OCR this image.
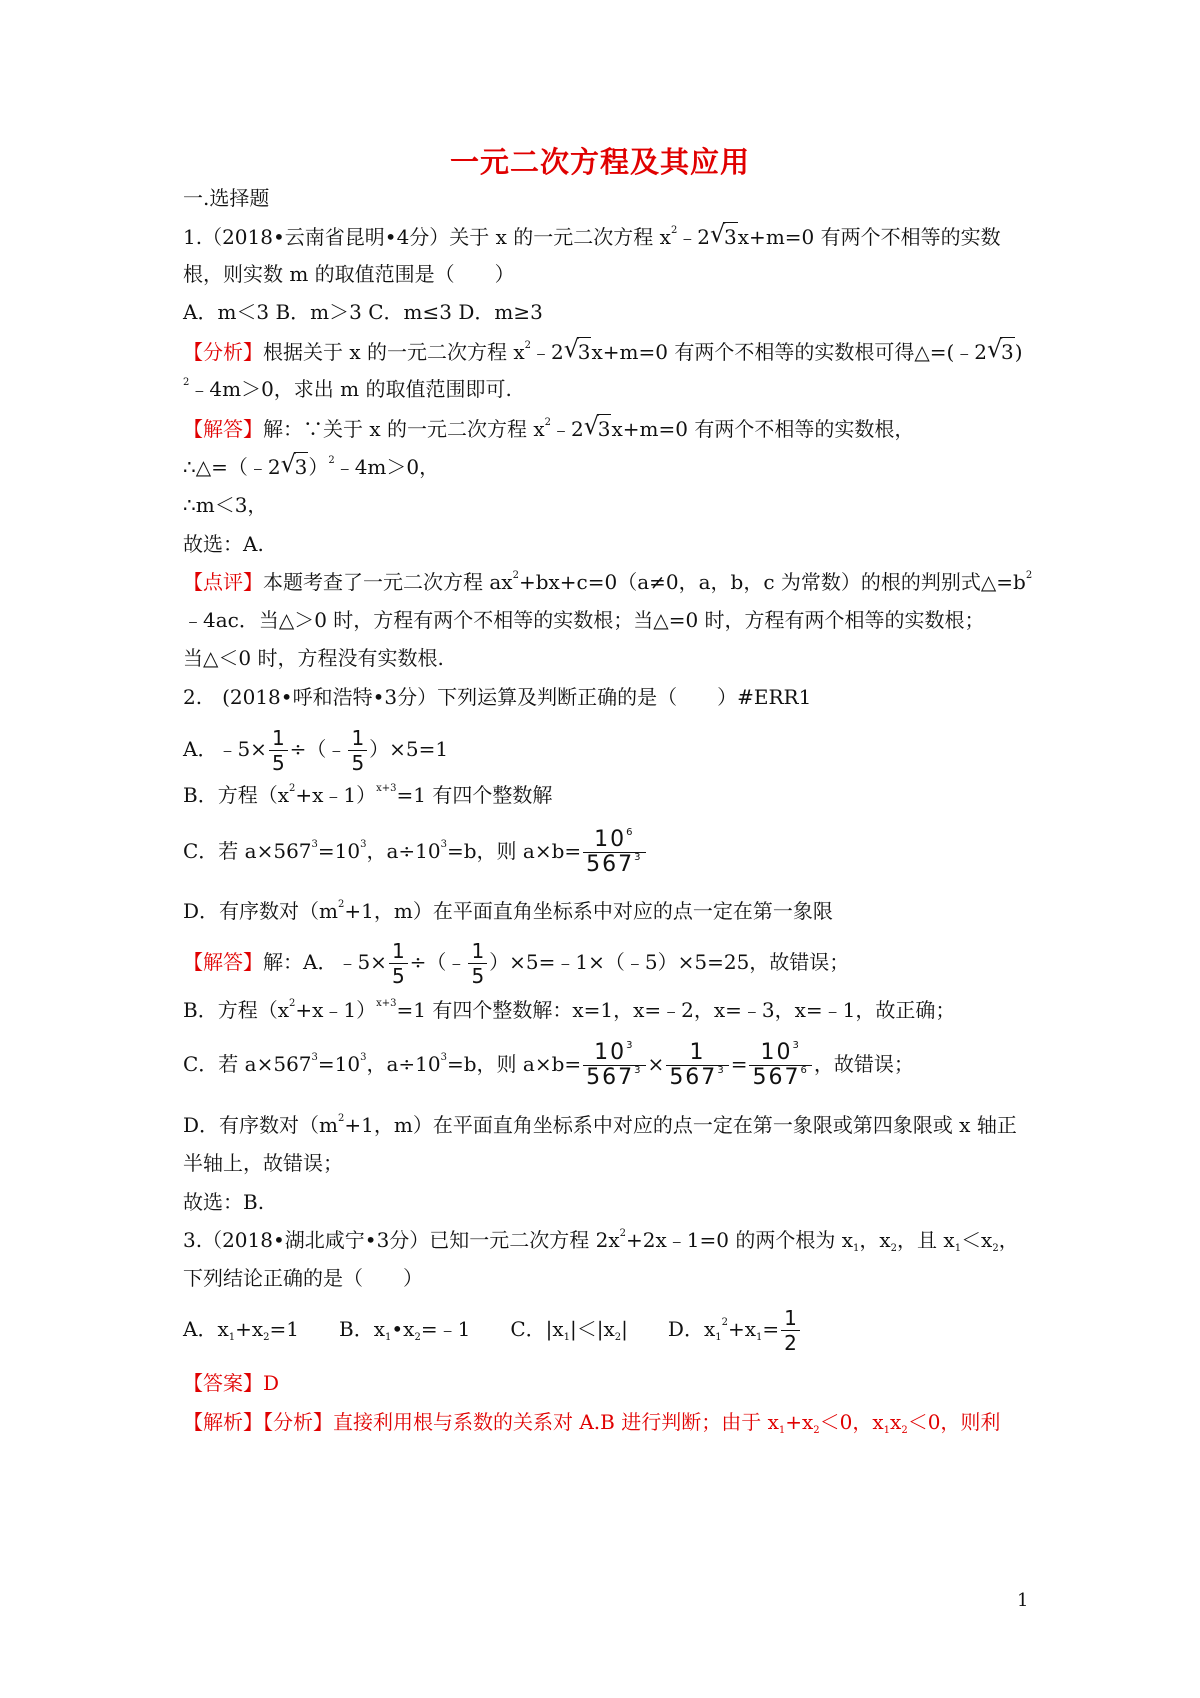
一元二次方程及其应用
一.选择题
1.（2018•云南省昆明•4分）关于 x 的一元二次方程 $x^2﹣2$ √
3x+m=0 有两个不相等的实数
根，则实数 m 的取值范围是（　　）
A．m＜3 B．m＞3 C．m≤3 D．m≥3
【分析】根据关于 x 的一元二次方程 $x^2﹣2$ √
3x+m=0 有两个不相等的实数根可得△=(﹣2 √
3)
$^2$﹣4m＞0，求出 m 的取值范围即可.
【解答】解：∵关于 x 的一元二次方程 $x^2﹣2$ √
3x+m=0 有两个不相等的实数根，
∴△=（﹣2 √
3）$^2$﹣4m＞0，
∴m＜3，
故选：A.
【点评】本题考查了一元二次方程 $ax^2+bx+c=0(a\ne 0$，a，b，c 为常数）的根的判别式$\triangle=b^2$
﹣4ac．当△＞0 时，方程有两个不相等的实数根；当△=0 时，方程有两个相等的实数根；
当△＜0 时，方程没有实数根.
2.　(2018•呼和浩特•3分）下列运算及判断正确的是（　　）#ERR1
A．﹣5× $\frac{1}{5}$ ÷（﹣ $\frac{1}{5} )\times 5=1$
B．方程$(x^2+x﹣1)^{x+3}=1$ 有四个整数解
C．若 $a\times 567^3=10^3$，$a\div 10^3=b$，则 $a\times b= \frac{10^6}{567^3}$
D．有序数对（$m^2+1$，m）在平面直角坐标系中对应的点一定在第一象限
【解答】解：A．﹣5× $\frac{1}{5}$ ÷（﹣ $\frac{1}{5}$ ）×5=﹣1×（﹣5）×5=25，故错误；
B．方程$(x^2+x﹣1)^{x+3}=1$ 有四个整数解：x=1，x=﹣2，x=﹣3，x=﹣1，故正确；
C．若 $a\times 567^3=10^3$，$a\div 10^3=b$，则 $a\times b= \frac{10^3}{567^3} \times \frac{1}{567^3} = \frac{10^3}{567^6}$ ，故错误；
D．有序数对（$m^2+1$，m）在平面直角坐标系中对应的点一定在第一象限或第四象限或 x 轴正
半轴上，故错误；
故选：B.
3.（2018•湖北咸宁•3分）已知一元二次方程 $2x^2+2x﹣1=0$ 的两个根为 $x_1$，$x_2$，且 $x_1<x_2$，
下列结论正确的是（　　）
A．$x_1+x_2=1$ B．$x_1•x_2=﹣1$ C．$|x_1|<|x_2|$ D．$x_1^2+x_1= \frac{1}{2}$
【答案】D
【解析】【分析】直接利用根与系数的关系对 A.B 进行判断；由于 $x_1+x_2<0$，$x_1x_2<0$，则利
1
